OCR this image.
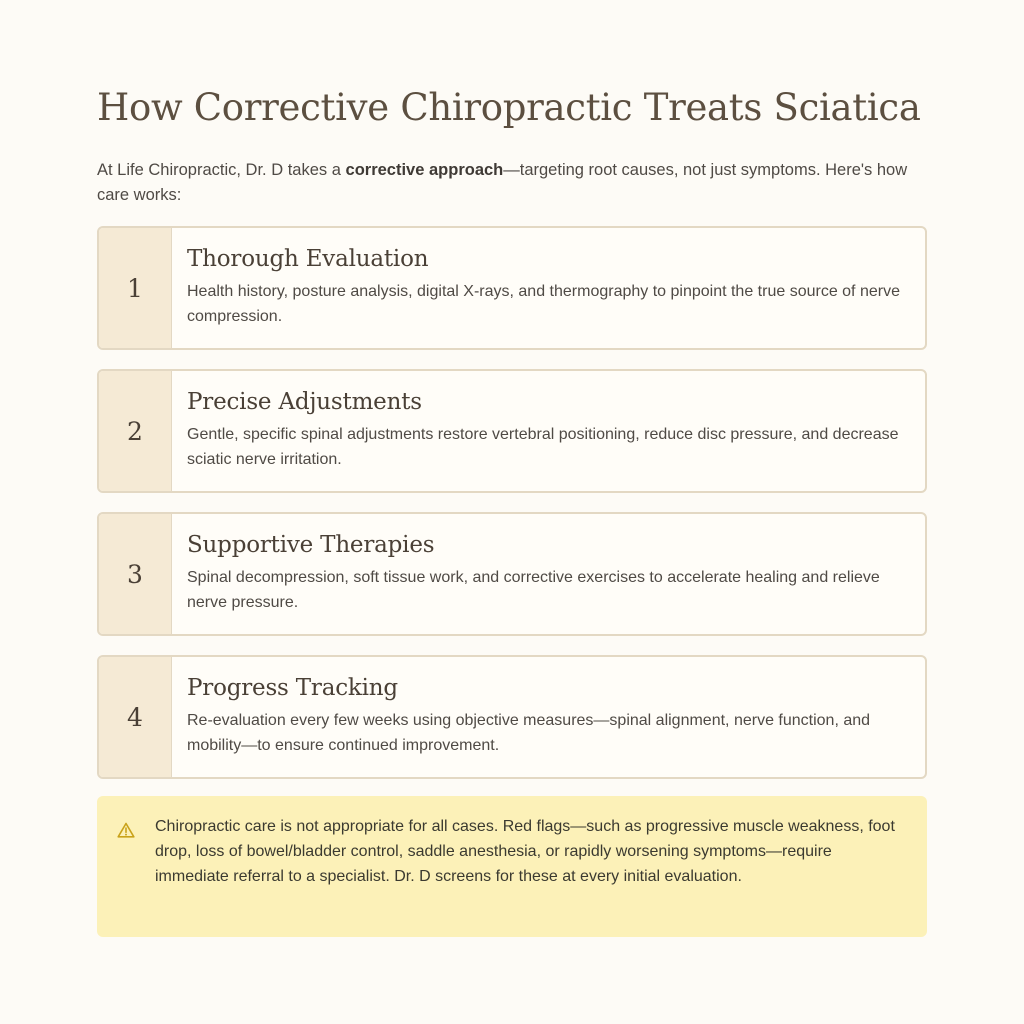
How Corrective Chiropractic Treats Sciatica

At Life Chiropractic, Dr. D takes a corrective approach—targeting root causes, not just symptoms. Here's how care works:

1
Thorough Evaluation

Health history, posture analysis, digital X-rays, and thermography to pinpoint the true source of nerve compression.

2
Precise Adjustments

Gentle, specific spinal adjustments restore vertebral positioning, reduce disc pressure, and decrease sciatic nerve irritation.

3
Supportive Therapies

Spinal decompression, soft tissue work, and corrective exercises to accelerate healing and relieve nerve pressure.

4
Progress Tracking

Re-evaluation every few weeks using objective measures—spinal alignment, nerve function, and mobility—to ensure continued improvement.

Chiropractic care is not appropriate for all cases. Red flags—such as progressive muscle weakness, foot drop, loss of bowel/bladder control, saddle anesthesia, or rapidly worsening symptoms—require immediate referral to a specialist. Dr. D screens for these at every initial evaluation.
